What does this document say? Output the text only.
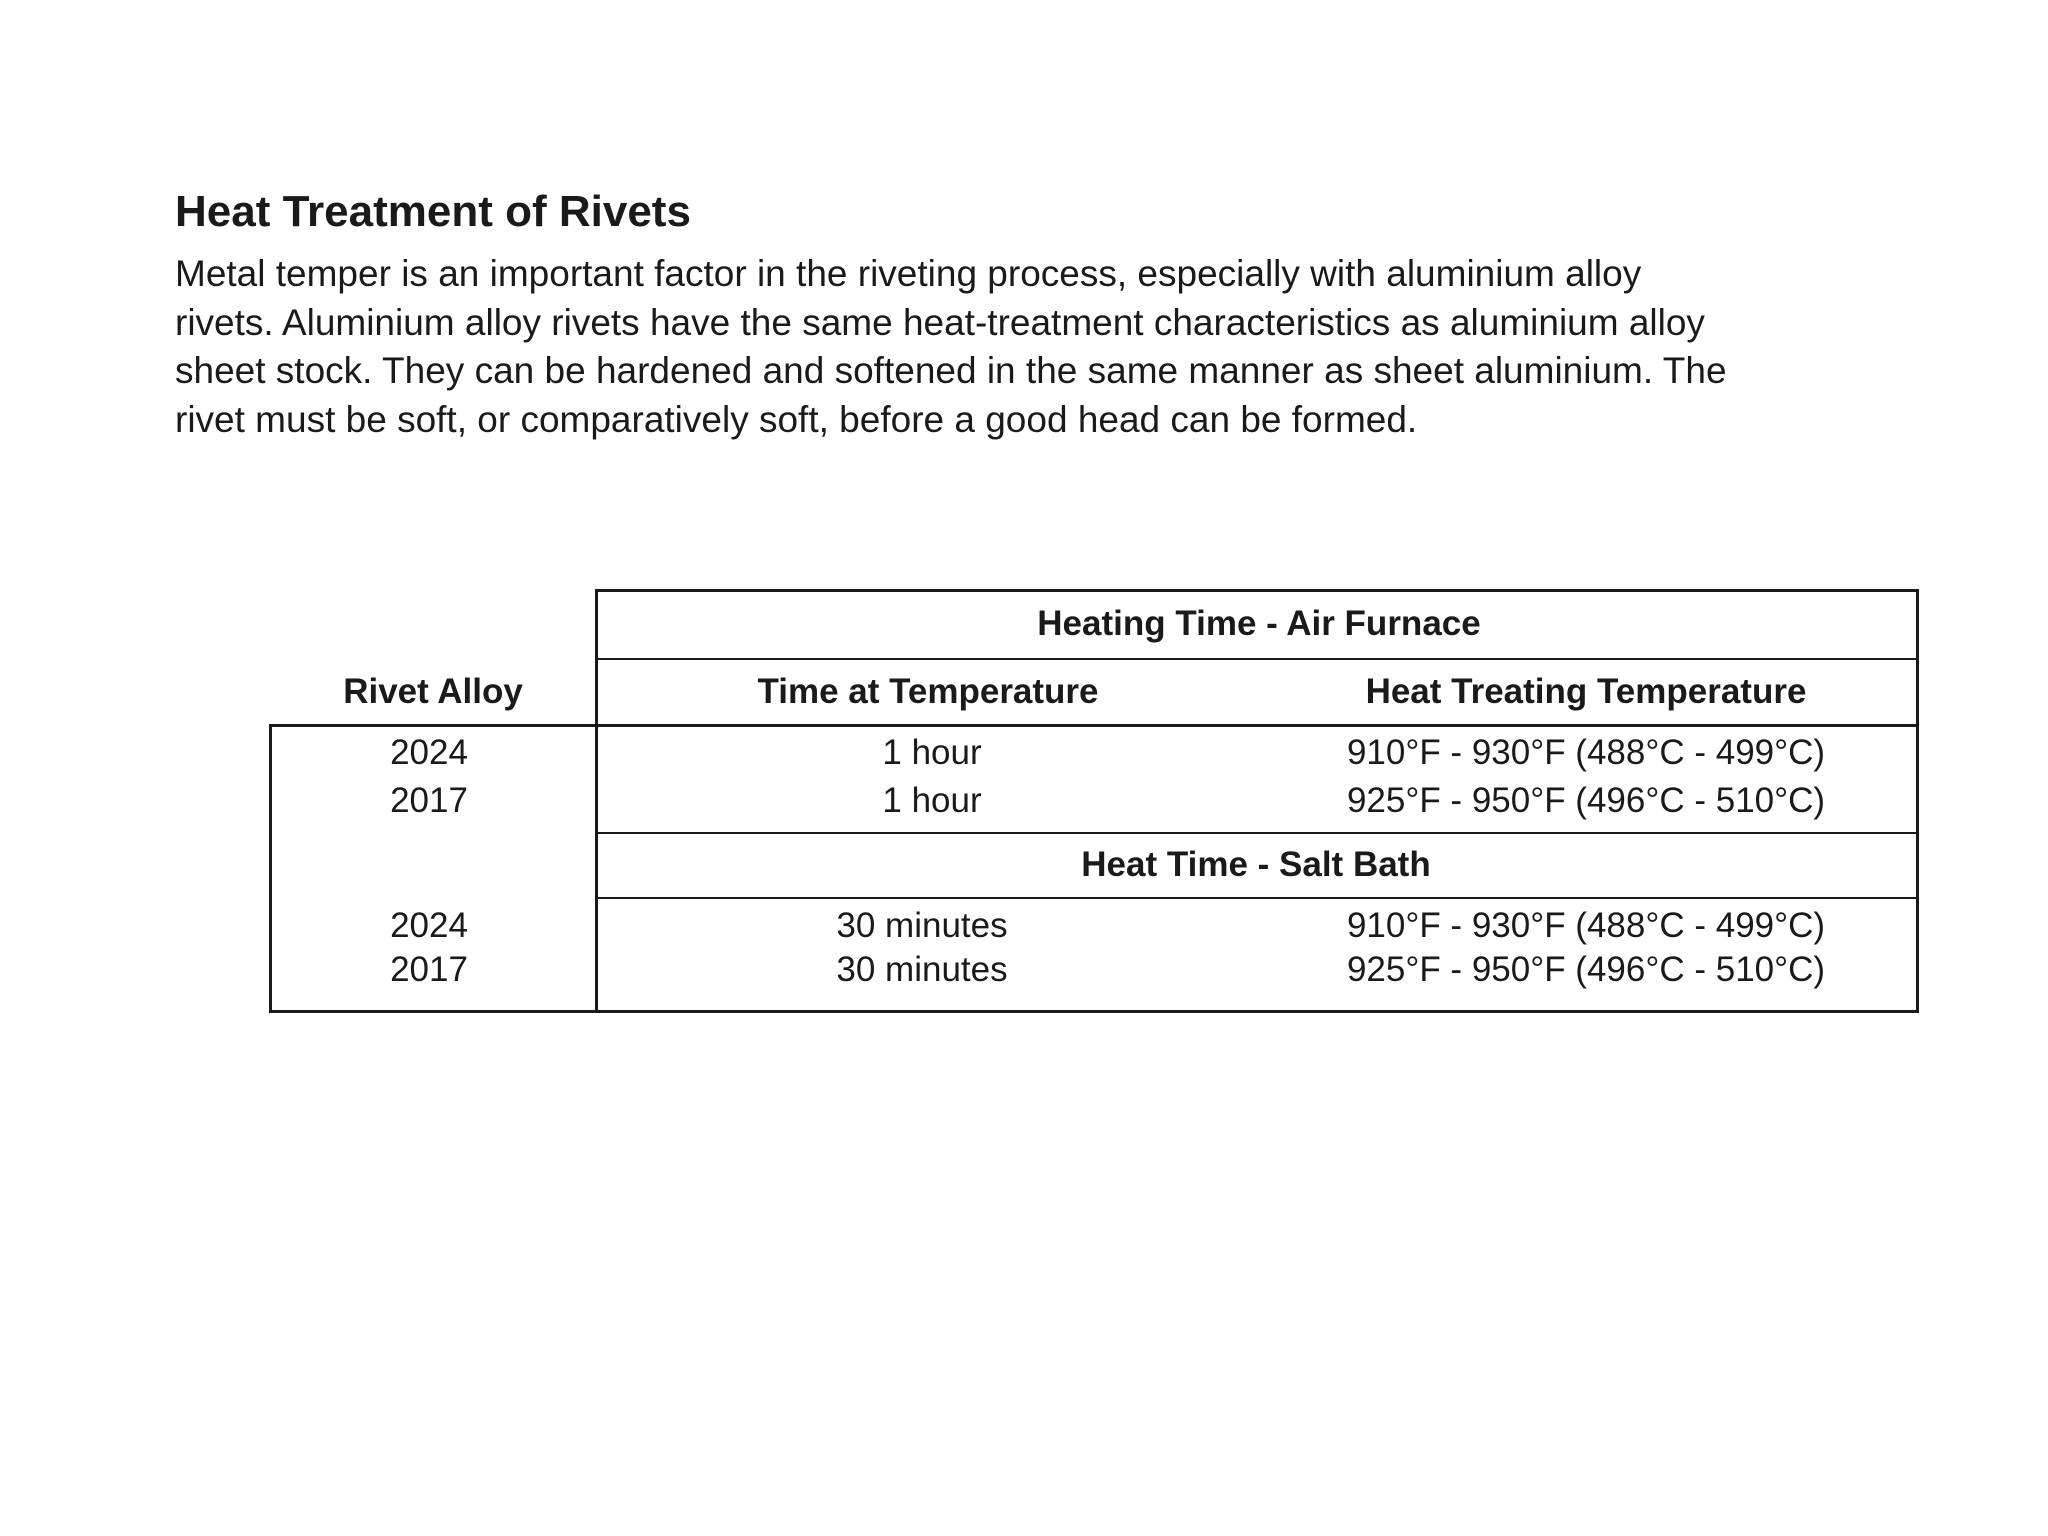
Heat Treatment of Rivets
Metal temper is an important factor in the riveting process, especially with aluminium alloy
rivets. Aluminium alloy rivets have the same heat-treatment characteristics as aluminium alloy
sheet stock. They can be hardened and softened in the same manner as sheet aluminium. The
rivet must be soft, or comparatively soft, before a good head can be formed.
Heating Time - Air Furnace
Rivet Alloy	Time at Temperature	Heat Treating Temperature
2024	1 hour	910°F - 930°F (488°C - 499°C)
2017	1 hour	925°F - 950°F (496°C - 510°C)
Heat Time - Salt Bath
2024	30 minutes	910°F - 930°F (488°C - 499°C)
2017	30 minutes	925°F - 950°F (496°C - 510°C)
